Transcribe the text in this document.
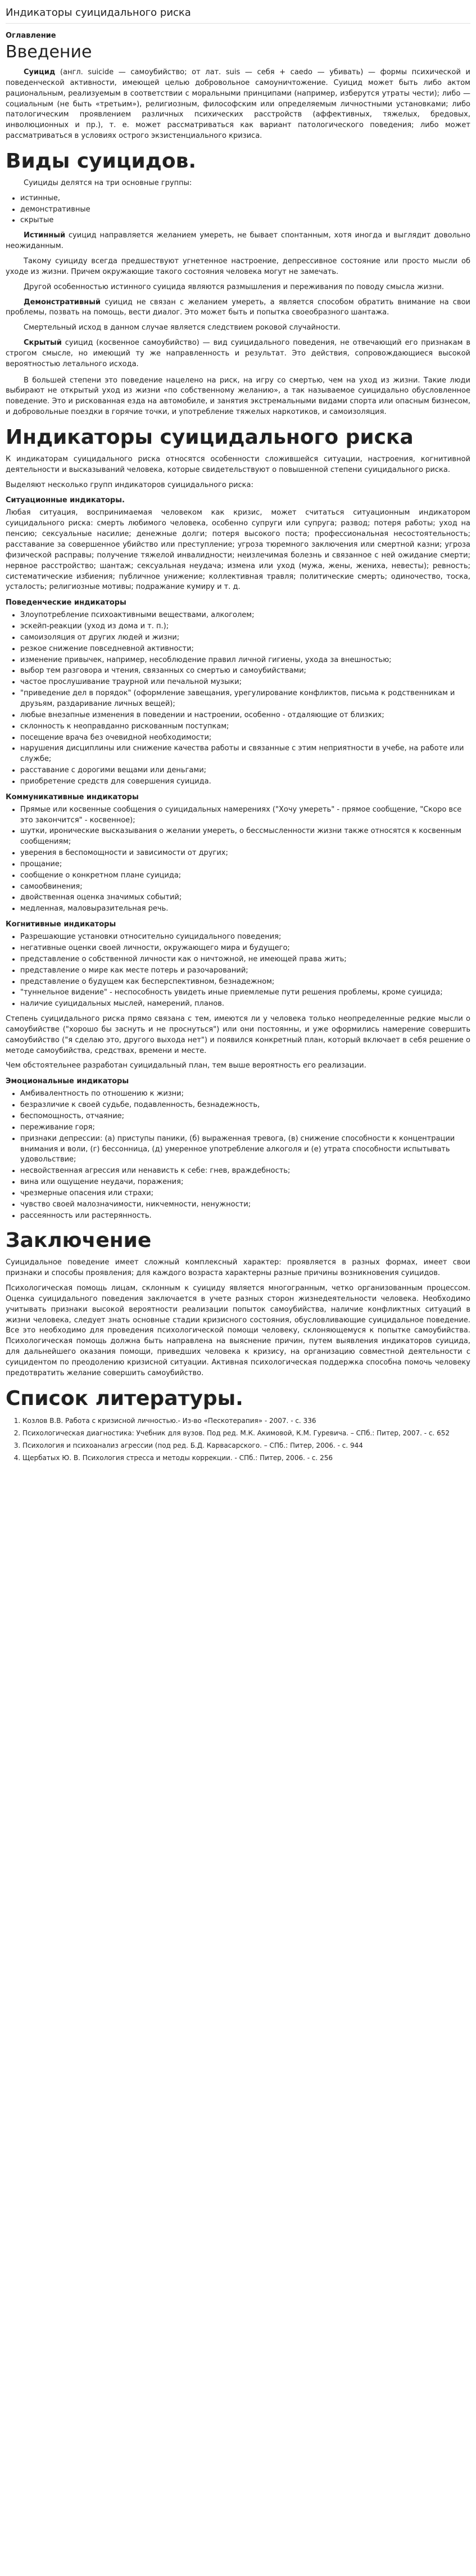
Индикаторы суицидального риска
Оглавление
Введение

Суицид (англ. suicide — самоубийство; от лат. suis — себя + caedo — убивать) — формы психической и поведенческой активности, имеющей целью добровольное самоуничтожение. Суицид может быть либо актом рациональным, реализуемым в соответствии с моральными принципами (например, изберутся утраты чести); либо — социальным (не быть «третьим»), религиозным, философским или определяемым личностными установками; либо патологическим проявлением различных психических расстройств (аффективных, тяжелых, бредовых, инволюционных и пр.), т. е. может рассматриваться как вариант патологического поведения; либо может рассматриваться в условиях острого экзистенциального кризиса.

Виды суицидов.

Суициды делятся на три основные группы:

• истинные,
• демонстративные
• скрытые

Истинный суицид направляется желанием умереть, не бывает спонтанным, хотя иногда и выглядит довольно неожиданным.

Такому суициду всегда предшествуют угнетенное настроение, депрессивное состояние или просто мысли об уходе из жизни. Причем окружающие такого состояния человека могут не замечать.

Другой особенностью истинного суицида являются размышления и переживания по поводу смысла жизни.

Демонстративный суицид не связан с желанием умереть, а является способом обратить внимание на свои проблемы, позвать на помощь, вести диалог. Это может быть и попытка своеобразного шантажа.

Смертельный исход в данном случае является следствием роковой случайности.

Скрытый суицид (косвенное самоубийство) — вид суицидального поведения, не отвечающий его признакам в строгом смысле, но имеющий ту же направленность и результат. Это действия, сопровождающиеся высокой вероятностью летального исхода.

В большей степени это поведение нацелено на риск, на игру со смертью, чем на уход из жизни. Такие люди выбирают не открытый уход из жизни «по собственному желанию», а так называемое суицидально обусловленное поведение. Это и рискованная езда на автомобиле, и занятия экстремальными видами спорта или опасным бизнесом, и добровольные поездки в горячие точки, и употребление тяжелых наркотиков, и самоизоляция.

Индикаторы суицидального риска

К индикаторам суицидального риска относятся особенности сложившейся ситуации, настроения, когнитивной деятельности и высказываний человека, которые свидетельствуют о повышенной степени суицидального риска.

Выделяют несколько групп индикаторов суицидального риска:

Ситуационные индикаторы.

Любая ситуация, воспринимаемая человеком как кризис, может считаться ситуационным индикатором суицидального риска: смерть любимого человека, особенно супруги или супруга; развод; потеря работы; уход на пенсию; сексуальные насилие; денежные долги; потеря высокого поста; профессиональная несостоятельность; расставание за совершенное убийство или преступление; угроза тюремного заключения или смертной казни; угроза физической расправы; получение тяжелой инвалидности; неизлечимая болезнь и связанное с ней ожидание смерти; нервное расстройство; шантаж; сексуальная неудача; измена или уход (мужа, жены, жениха, невесты); ревность; систематические избиения; публичное унижение; коллективная травля; политические смерть; одиночество, тоска, усталость; религиозные мотивы; подражание кумиру и т. д.

Поведенческие индикаторы
• Злоупотребление психоактивными веществами, алкоголем;
• эскейп-реакции (уход из дома и т. п.);
• самоизоляция от других людей и жизни;
• резкое снижение повседневной активности;
• изменение привычек, например, несоблюдение правил личной гигиены, ухода за внешностью;
• выбор тем разговора и чтения, связанных со смертью и самоубийствами;
• частое прослушивание траурной или печальной музыки;
• "приведение дел в порядок" (оформление завещания, урегулирование конфликтов, письма к родственникам и друзьям, раздаривание личных вещей);
• любые внезапные изменения в поведении и настроении, особенно - отдаляющие от близких;
• склонность к неоправданно рискованным поступкам;
• посещение врача без очевидной необходимости;
• нарушения дисциплины или снижение качества работы и связанные с этим неприятности в учебе, на работе или службе;
• расставание с дорогими вещами или деньгами;
• приобретение средств для совершения суицида.
Коммуникативные индикаторы
• Прямые или косвенные сообщения о суицидальных намерениях ("Хочу умереть" - прямое сообщение, "Скоро все это закончится" - косвенное);
• шутки, иронические высказывания о желании умереть, о бессмысленности жизни также относятся к косвенным сообщениям;
• уверения в беспомощности и зависимости от других;
• прощание;
• сообщение о конкретном плане суицида;
• самообвинения;
• двойственная оценка значимых событий;
• медленная, маловыразительная речь.
Когнитивные индикаторы
• Разрешающие установки относительно суицидального поведения;
• негативные оценки своей личности, окружающего мира и будущего;
• представление о собственной личности как о ничтожной, не имеющей права жить;
• представление о мире как месте потерь и разочарований;
• представление о будущем как бесперспективном, безнадежном;
• "туннельное видение" - неспособность увидеть иные приемлемые пути решения проблемы, кроме суицида;
• наличие суицидальных мыслей, намерений, планов.

Степень суицидального риска прямо связана с тем, имеются ли у человека только неопределенные редкие мысли о самоубийстве ("хорошо бы заснуть и не проснуться") или они постоянны, и уже оформились намерение совершить самоубийство ("я сделаю это, другого выхода нет") и появился конкретный план, который включает в себя решение о методе самоубийства, средствах, времени и месте.

Чем обстоятельнее разработан суицидальный план, тем выше вероятность его реализации.

Эмоциональные индикаторы
• Амбивалентность по отношению к жизни;
• безразличие к своей судьбе, подавленность, безнадежность,
• беспомощность, отчаяние;
• переживание горя;
• признаки депрессии: (а) приступы паники, (б) выраженная тревога, (в) снижение способности к концентрации внимания и воли, (г) бессонница, (д) умеренное употребление алкоголя и (е) утрата способности испытывать удовольствие;
• несвойственная агрессия или ненависть к себе: гнев, враждебность;
• вина или ощущение неудачи, поражения;
• чрезмерные опасения или страхи;
• чувство своей малозначимости, никчемности, ненужности;
• рассеянность или растерянность.
Заключение

Суицидальное поведение имеет сложный комплексный характер: проявляется в разных формах, имеет свои признаки и способы проявления; для каждого возраста характерны разные причины возникновения суицидов.

Психологическая помощь лицам, склонным к суициду является многогранным, четко организованным процессом. Оценка суицидального поведения заключается в учете разных сторон жизнедеятельности человека. Необходимо учитывать признаки высокой вероятности реализации попыток самоубийства, наличие конфликтных ситуаций в жизни человека, следует знать основные стадии кризисного состояния, обусловливающие суицидальное поведение. Все это необходимо для проведения психологической помощи человеку, склоняющемуся к попытке самоубийства. Психологическая помощь должна быть направлена на выяснение причин, путем выявления индикаторов суицида, для дальнейшего оказания помощи, приведших человека к кризису, на организацию совместной деятельности с суицидентом по преодолению кризисной ситуации. Активная психологическая поддержка способна помочь человеку предотвратить желание совершить самоубийство.

Список литературы.
1. Козлов В.В. Работа с кризисной личностью.- Из-во «Пескотерапия» - 2007. - с. 336
2. Психологическая диагностика: Учебник для вузов. Под ред. М.К. Акимовой, К.М. Гуревича. – СПб.: Питер, 2007. - с. 652
3. Психология и психоанализ агрессии (под ред. Б.Д. Карвасарского. – СПб.: Питер, 2006. - с. 944
4. Щербатых Ю. В. Психология стресса и методы коррекции. - СПб.: Питер, 2006. - с. 256
